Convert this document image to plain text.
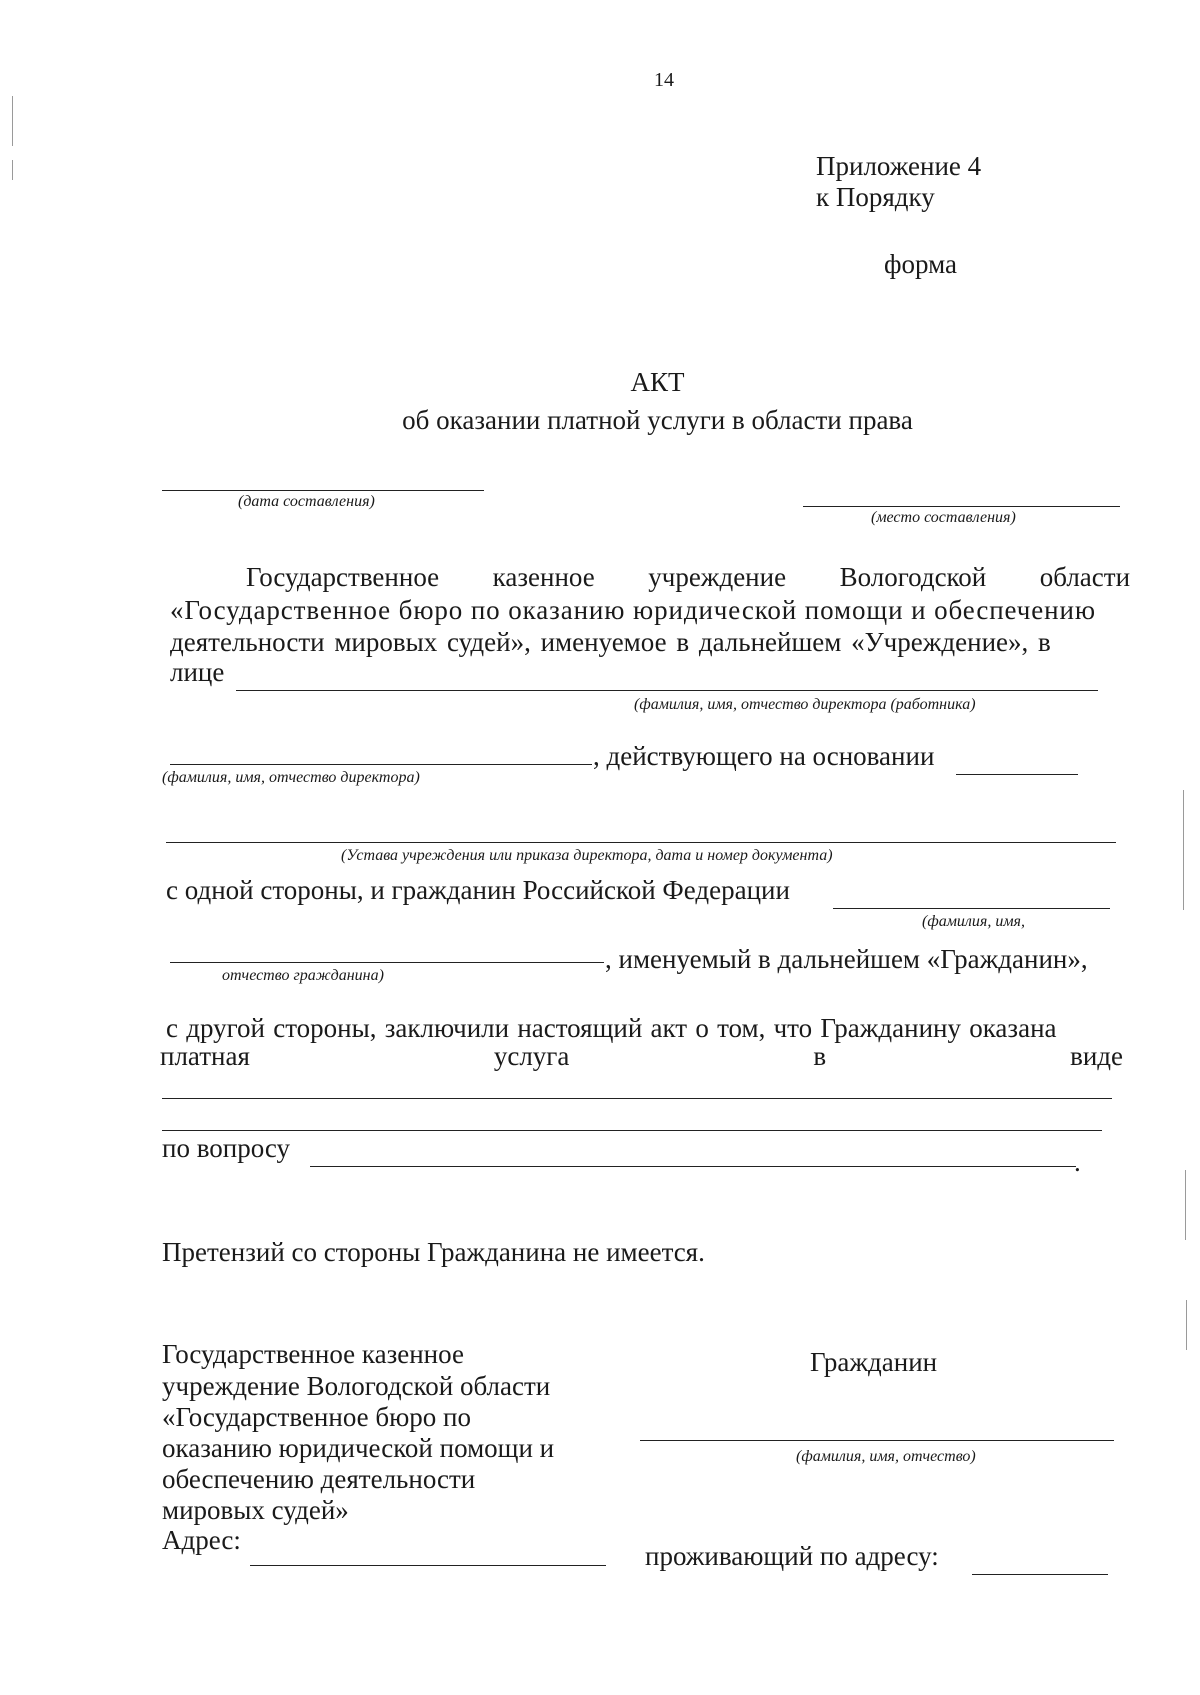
14
Приложение 4
к Порядку
форма
АКТ
об оказании платной услуги в области права
(дата составления)
(место составления)
Государственное казенное учреждение Вологодской области
«Государственное бюро по оказанию юридической помощи и обеспечению
деятельности мировых судей», именуемое в дальнейшем «Учреждение», в
лице
(фамилия, имя, отчество директора (работника)
, действующего на основании
(фамилия, имя, отчество директора)
(Устава учреждения или приказа директора, дата и номер документа)
с одной стороны, и гражданин Российской Федерации
(фамилия, имя,
, именуемый в дальнейшем «Гражданин»,
отчество гражданина)
с другой стороны, заключили настоящий акт о том, что Гражданину оказана
платная	услуга	в	виде
по вопросу	.
Претензий со стороны Гражданина не имеется.
Государственное казенное
учреждение Вологодской области
«Государственное бюро по
оказанию юридической помощи и
обеспечению деятельности
мировых судей»
Адрес:
Гражданин
(фамилия, имя, отчество)
проживающий по адресу:
